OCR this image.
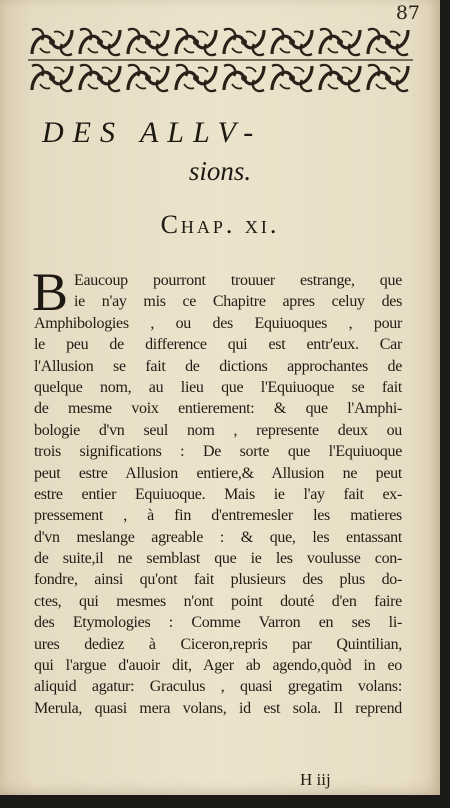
87
DES ALLV-
sions.
Chap. xi.
B Eaucoup pourront trouuer estrange, que
ie n'ay mis ce Chapitre apres celuy des
Amphibologies , ou des Equiuoques , pour
le peu de difference qui est entr'eux. Car
l'Allusion se fait de dictions approchantes de
quelque nom, au lieu que l'Equiuoque se fait
de mesme voix entierement: & que l'Amphi-
bologie d'vn seul nom , represente deux ou
trois significations : De sorte que l'Equiuoque
peut estre Allusion entiere,& Allusion ne peut
estre entier Equiuoque. Mais ie l'ay fait ex-
pressement , à fin d'entremesler les matieres
d'vn meslange agreable : & que, les entassant
de suite,il ne semblast que ie les voulusse con-
fondre, ainsi qu'ont fait plusieurs des plus do-
ctes, qui mesmes n'ont point douté d'en faire
des Etymologies : Comme Varron en ses li-
ures dediez à Ciceron,repris par Quintilian,
qui l'argue d'auoir dit, Ager ab agendo,quòd in eo
aliquid agatur: Graculus , quasi gregatim volans:
Merula, quasi mera volans, id est sola. Il reprend
H iij
